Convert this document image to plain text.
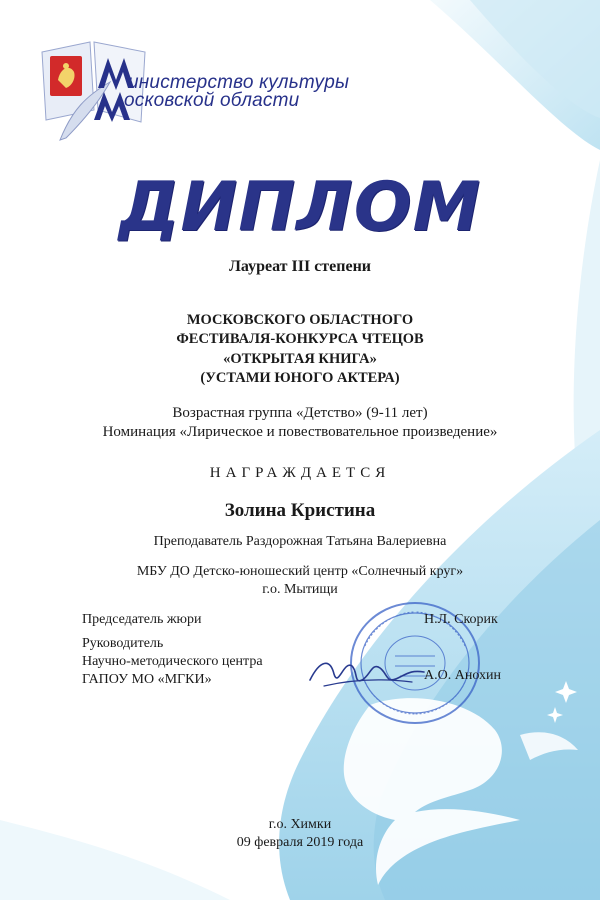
инистерство культуры
осковской области
ДИПЛОМ
Лауреат III степени
МОСКОВСКОГО ОБЛАСТНОГО
ФЕСТИВАЛЯ-КОНКУРСА ЧТЕЦОВ
«ОТКРЫТАЯ КНИГА»
(УСТАМИ ЮНОГО АКТЕРА)
Возрастная группа «Детство» (9-11 лет)
Номинация «Лирическое и повествовательное произведение»
НАГРАЖДАЕТСЯ
Золина Кристина
Преподаватель Раздорожная Татьяна Валериевна
МБУ ДО Детско-юношеский центр «Солнечный круг»
г.о. Мытищи
Председатель жюри	Н.Л. Скорик
Руководитель
Научно-методического центра
ГАПОУ МО «МГКИ»	А.О. Анохин
г.о. Химки
09 февраля 2019 года
